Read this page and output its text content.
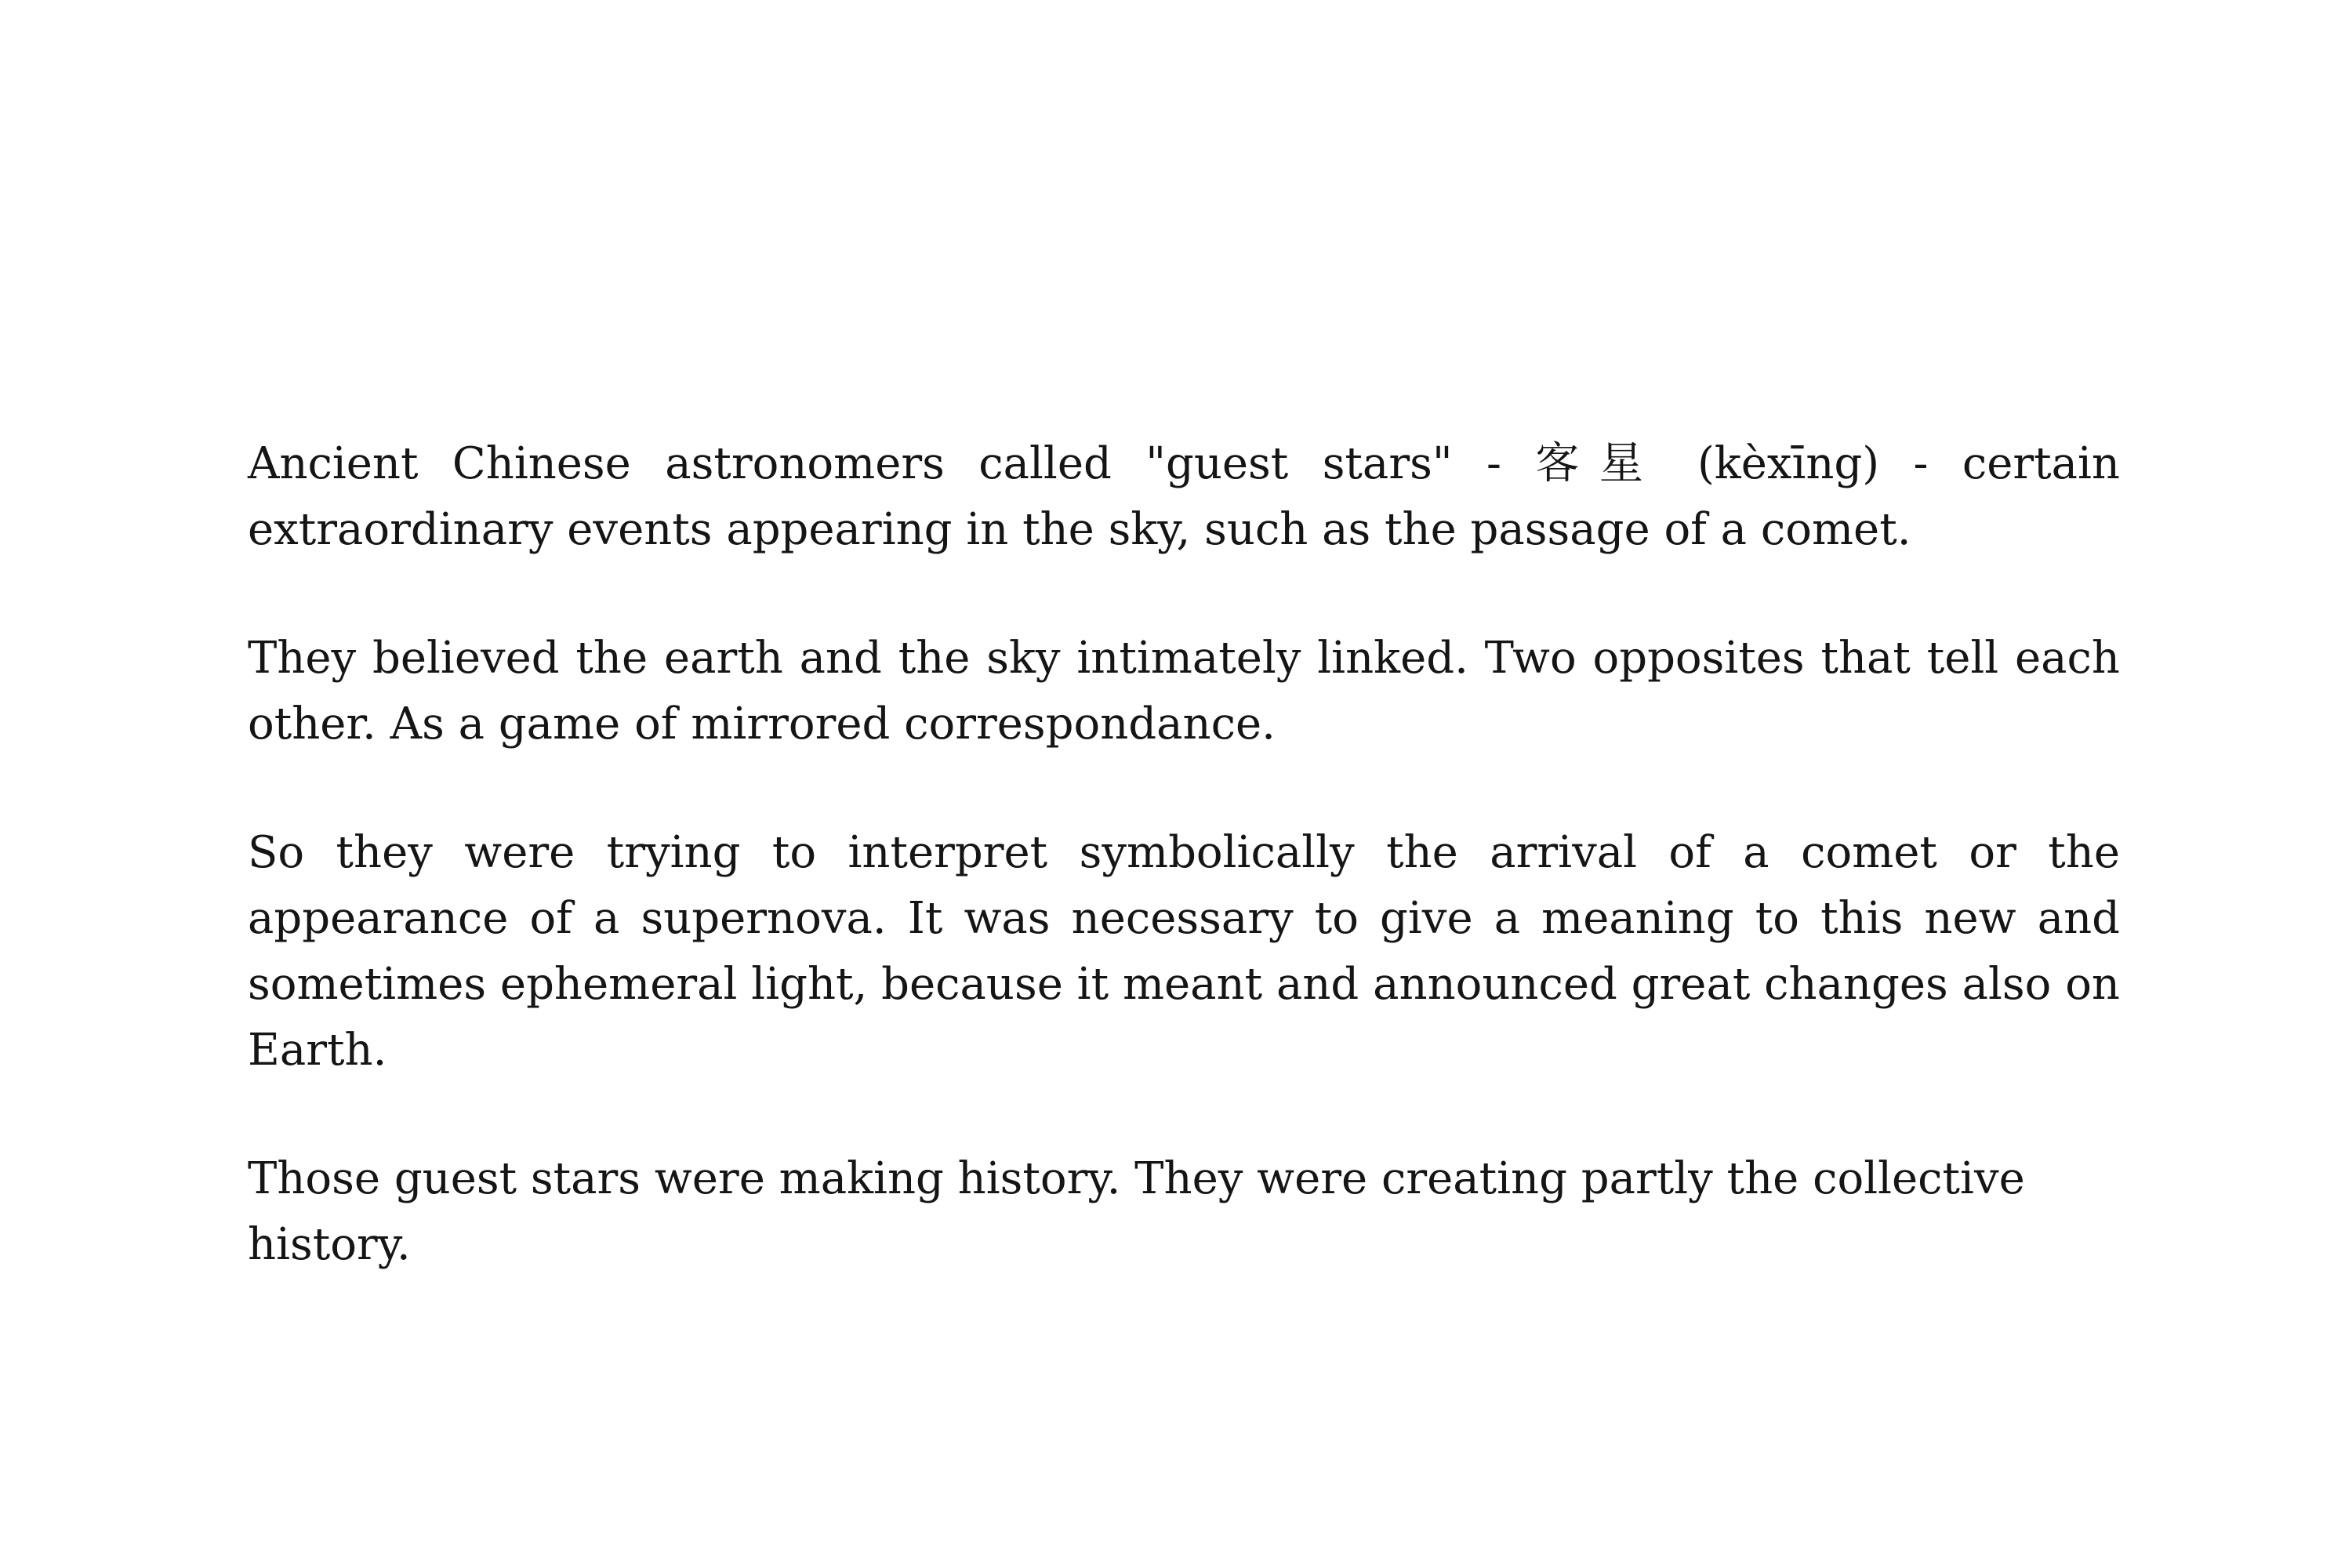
Ancient Chinese astronomers called "guest stars" - 客星 (kèxīng) - certain extraordinary events appearing in the sky, such as the passage of a comet.

They believed the earth and the sky intimately linked. Two opposites that tell each other. As a game of mirrored correspondance.

So they were trying to interpret symbolically the arrival of a comet or the appearance of a supernova. It was necessary to give a meaning to this new and sometimes ephemeral light, because it meant and announced great changes also on Earth.

Those guest stars were making history. They were creating partly the collective history.
